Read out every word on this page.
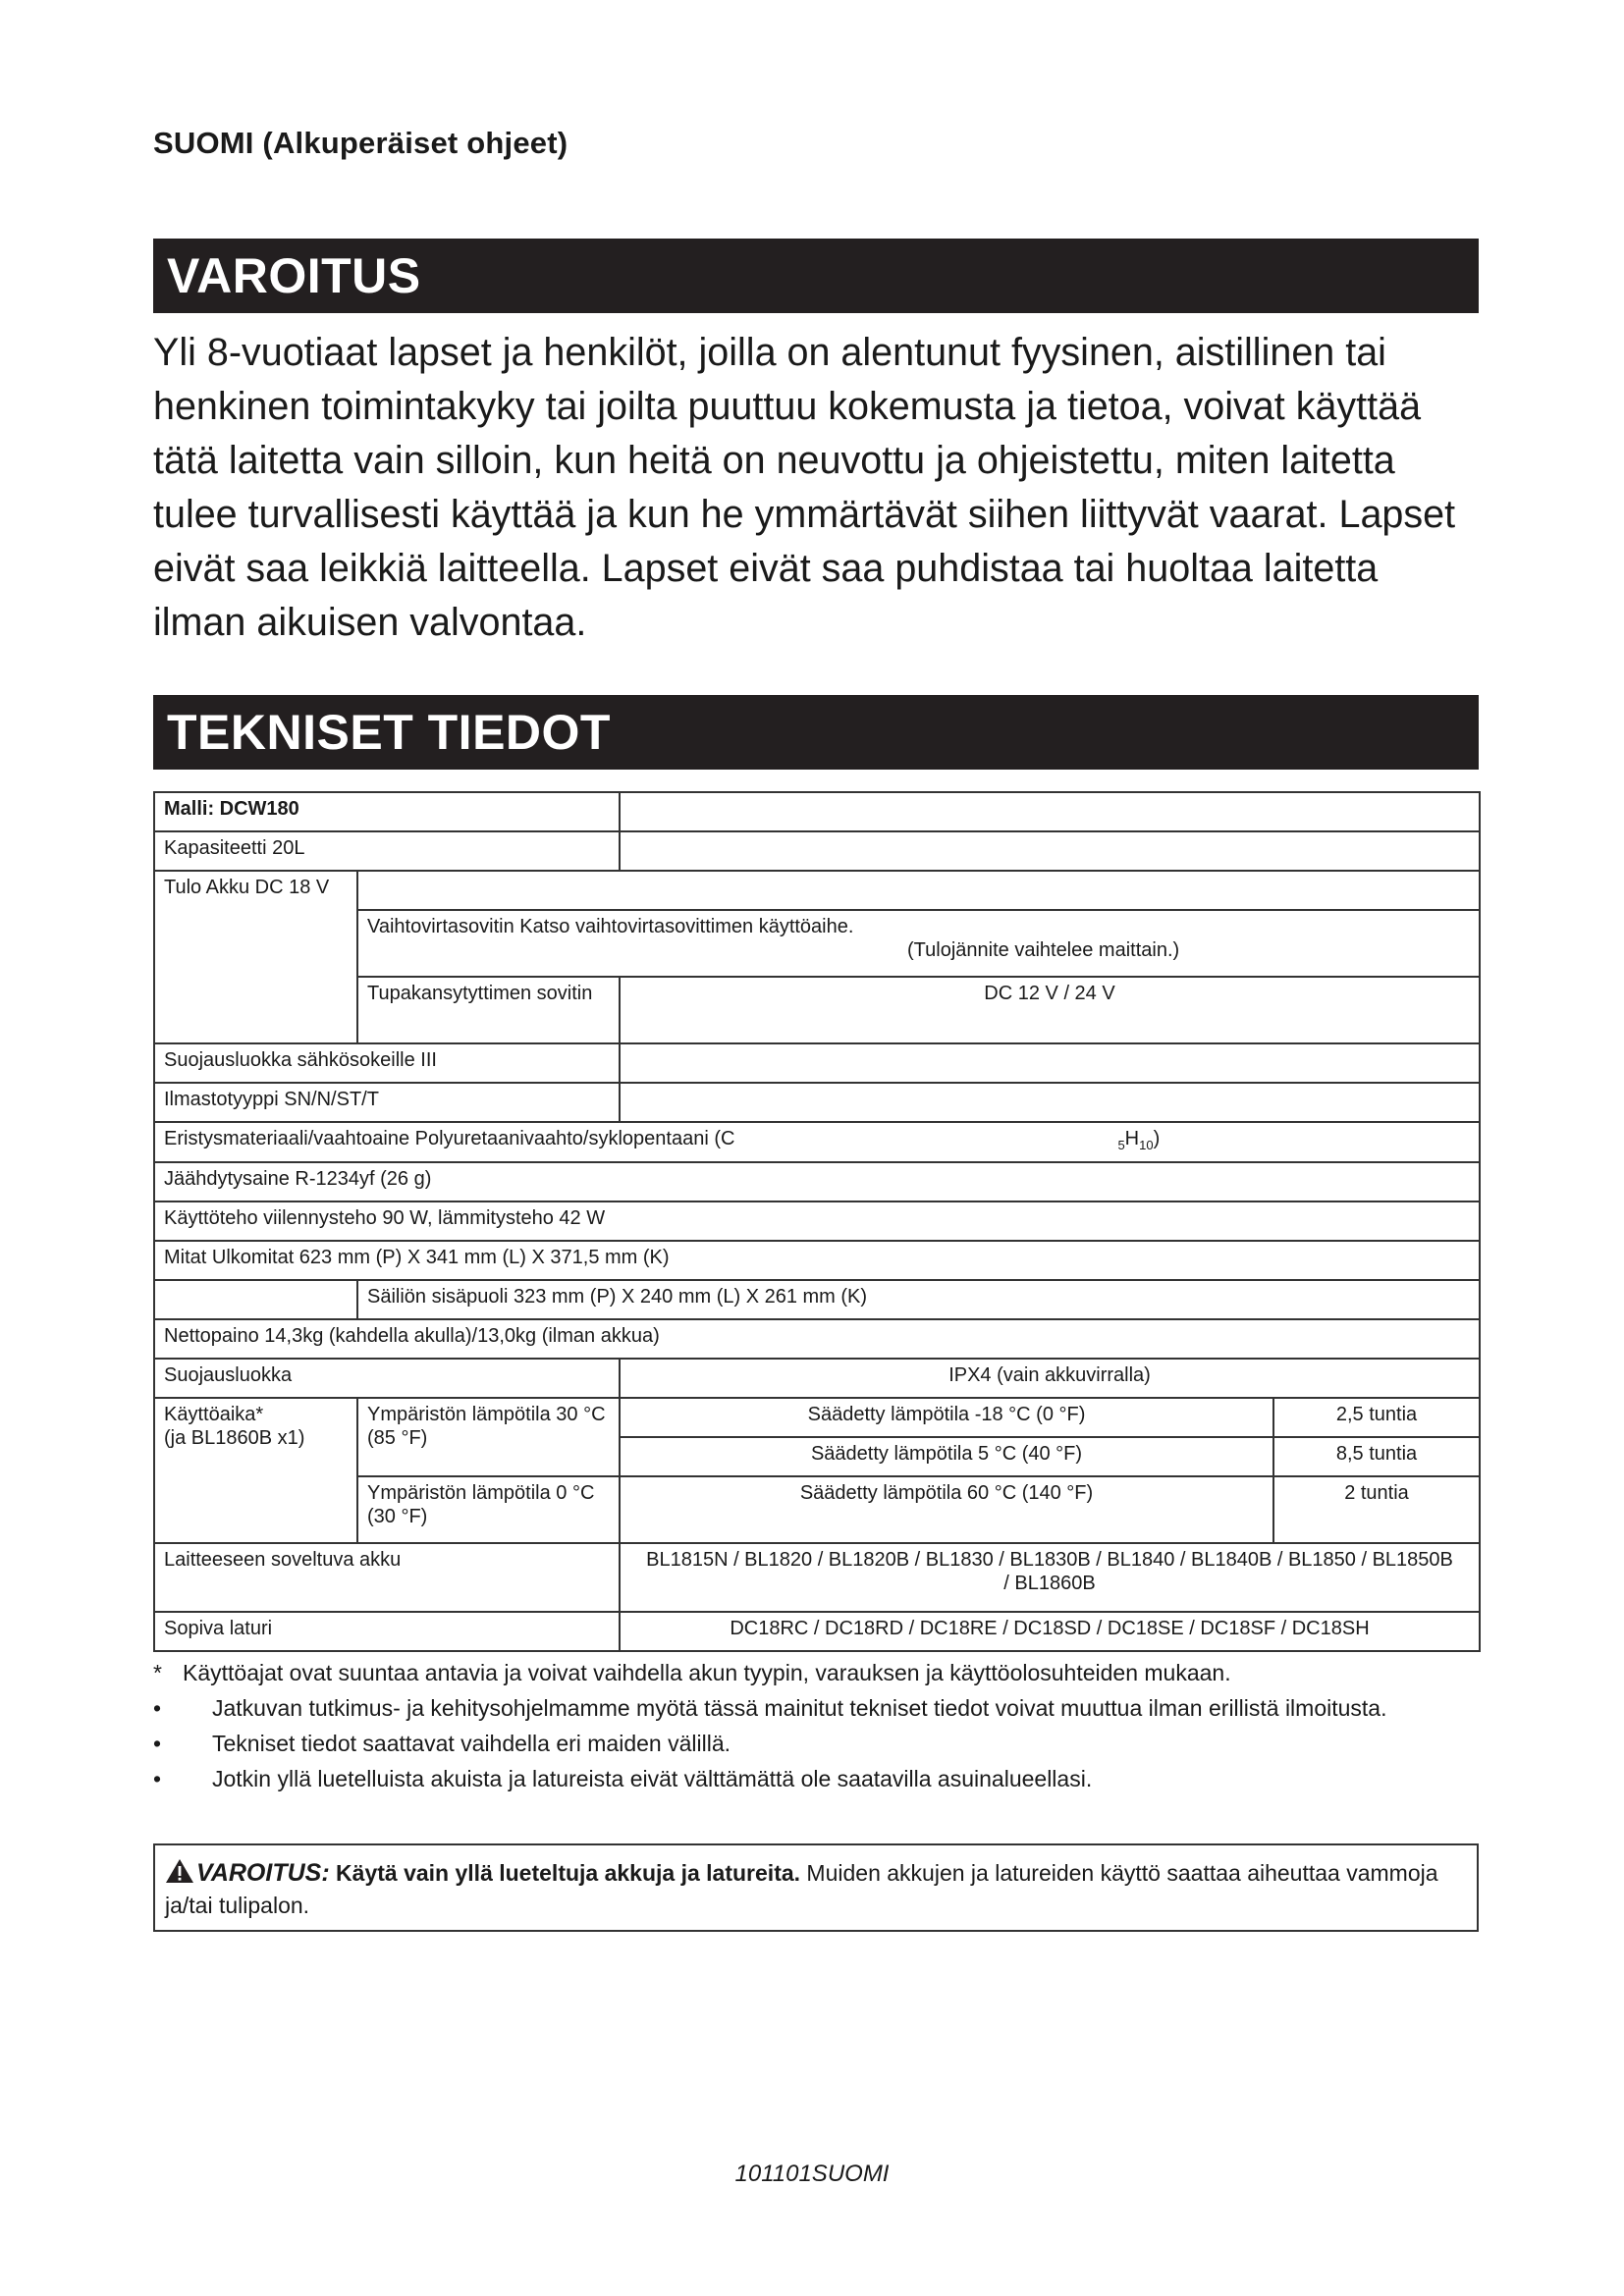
SUOMI (Alkuperäiset ohjeet)
VAROITUS
Yli 8-vuotiaat lapset ja henkilöt, joilla on alentunut fyysinen, aistillinen tai henkinen toimintakyky tai joilta puuttuu kokemusta ja tietoa, voivat käyttää tätä laitetta vain silloin, kun heitä on neuvottu ja ohjeistettu, miten laitetta tulee turvallisesti käyttää ja kun he ymmärtävät siihen liittyvät vaarat. Lapset eivät saa leikkiä laitteella. Lapset eivät saa puhdistaa tai huoltaa laitetta ilman aikuisen valvontaa.
TEKNISET TIEDOT
Malli: DCW180			
Kapasiteetti 20L			
Tulo Akku DC 18 V			

	Vaihtovirtasovitin Katso vaihtovirtasovittimen käyttöaihe.
(Tulojännite vaihtelee maittain.)		

	Tupakansytyttimen sovitin	DC 12 V / 24 V	
Suojausluokka sähkösokeille III			
Ilmastotyyppi SN/N/ST/T			
Eristysmateriaali/vaahtoaine Polyuretaanivaahto/syklopentaani (C $_5H_{10}$)			
Jäähdytysaine R-1234yf (26 g)			
Käyttöteho viilennysteho 90 W, lämmitysteho 42 W			
Mitat Ulkomitat 623 mm (P) X 341 mm (L) X 371,5 mm (K)			
	Säiliön sisäpuoli 323 mm (P) X 240 mm (L) X 261 mm (K)		
Nettopaino 14,3kg (kahdella akulla)/13,0kg (ilman akkua)			
Suojausluokka		IPX4 (vain akkuvirralla)	

Käyttöaika*
(ja BL1860B x1)	Ympäristön lämpötila 30 °C (85 °F)	Säädetty lämpötila -18 °C (0 °F)	2,5 tuntia
		Säädetty lämpötila 5 °C (40 °F)	8,5 tuntia
	Ympäristön lämpötila 0 °C (30 °F)	Säädetty lämpötila 60 °C (140 °F)	2 tuntia
Laitteeseen soveltuva akku		BL1815N / BL1820 / BL1820B / BL1830 / BL1830B / BL1840 / BL1840B / BL1850 / BL1850B / BL1860B	
Sopiva laturi		DC18RC / DC18RD / DC18RE / DC18SD / DC18SE / DC18SF / DC18SH	
* Käyttöajat ovat suuntaa antavia ja voivat vaihdella akun tyypin, varauksen ja käyttöolosuhteiden mukaan.
•	Jatkuvan tutkimus- ja kehitysohjelmamme myötä tässä mainitut tekniset tiedot voivat muuttua ilman erillistä ilmoitusta.
•	Tekniset tiedot saattavat vaihdella eri maiden välillä.
•	Jotkin yllä luetelluista akuista ja latureista eivät välttämättä ole saatavilla asuinalueellasi.
VAROITUS: Käytä vain yllä lueteltuja akkuja ja latureita. Muiden akkujen ja latureiden käyttö saattaa aiheuttaa vammoja ja/tai tulipalon.
101101SUOMI
